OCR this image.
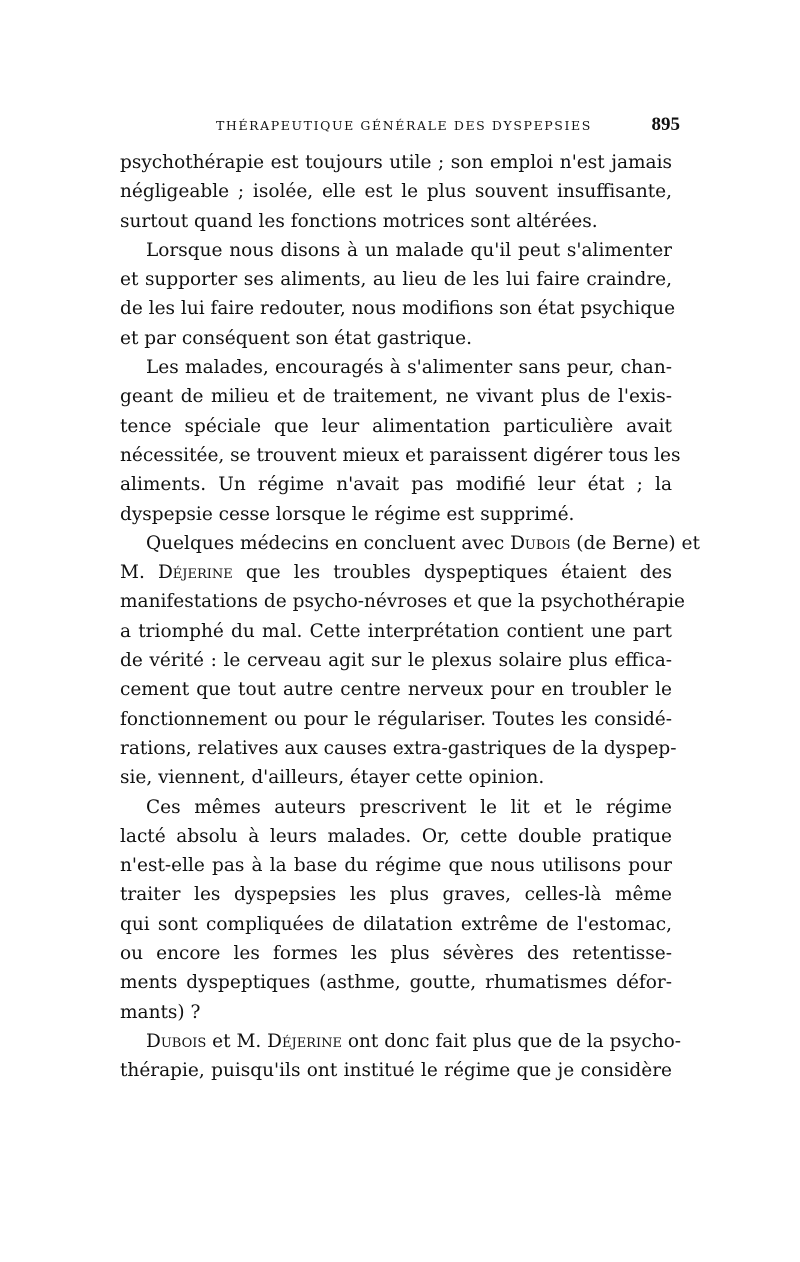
THÉRAPEUTIQUE GÉNÉRALE DES DYSPEPSIES	895
psychothérapie est toujours utile ; son emploi n'est jamais
négligeable ; isolée, elle est le plus souvent insuffisante,
surtout quand les fonctions motrices sont altérées.
Lorsque nous disons à un malade qu'il peut s'alimenter
et supporter ses aliments, au lieu de les lui faire craindre,
de les lui faire redouter, nous modifions son état psychique
et par conséquent son état gastrique.
Les malades, encouragés à s'alimenter sans peur, chan-
geant de milieu et de traitement, ne vivant plus de l'exis-
tence spéciale que leur alimentation particulière avait
nécessitée, se trouvent mieux et paraissent digérer tous les
aliments. Un régime n'avait pas modifié leur état ; la
dyspepsie cesse lorsque le régime est supprimé.
Quelques médecins en concluent avec Dubois (de Berne) et
M. Déjerine que les troubles dyspeptiques étaient des
manifestations de psycho-névroses et que la psychothérapie
a triomphé du mal. Cette interprétation contient une part
de vérité : le cerveau agit sur le plexus solaire plus effica-
cement que tout autre centre nerveux pour en troubler le
fonctionnement ou pour le régulariser. Toutes les considé-
rations, relatives aux causes extra-gastriques de la dyspep-
sie, viennent, d'ailleurs, étayer cette opinion.
Ces mêmes auteurs prescrivent le lit et le régime
lacté absolu à leurs malades. Or, cette double pratique
n'est-elle pas à la base du régime que nous utilisons pour
traiter les dyspepsies les plus graves, celles-là même
qui sont compliquées de dilatation extrême de l'estomac,
ou encore les formes les plus sévères des retentisse-
ments dyspeptiques (asthme, goutte, rhumatismes défor-
mants) ?
Dubois et M. Déjerine ont donc fait plus que de la psycho-
thérapie, puisqu'ils ont institué le régime que je considère
